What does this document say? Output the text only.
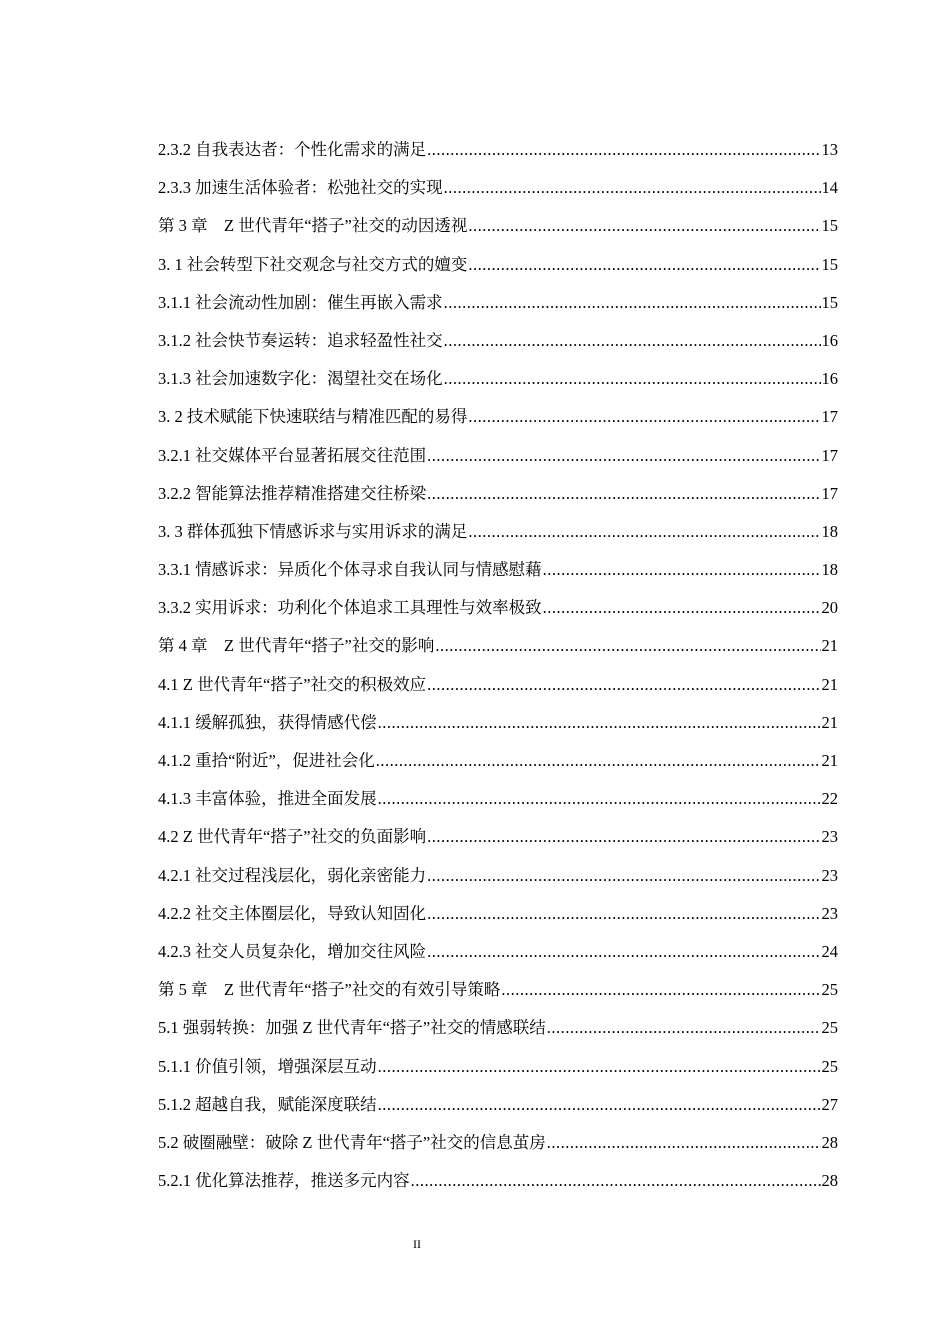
2.3.2 自我表达者：个性化需求的满足 .....	13
2.3.3 加速生活体验者：松弛社交的实现 .....	14
第 3 章　Z 世代青年“搭子”社交的动因透视 .....	15
3. 1 社会转型下社交观念与社交方式的嬗变 .....	15
3.1.1 社会流动性加剧：催生再嵌入需求 .....	15
3.1.2 社会快节奏运转：追求轻盈性社交 .....	16
3.1.3 社会加速数字化：渴望社交在场化 .....	16
3. 2 技术赋能下快速联结与精准匹配的易得 .....	17
3.2.1 社交媒体平台显著拓展交往范围 .....	17
3.2.2 智能算法推荐精准搭建交往桥梁 .....	17
3. 3 群体孤独下情感诉求与实用诉求的满足 .....	18
3.3.1 情感诉求：异质化个体寻求自我认同与情感慰藉 .....	18
3.3.2 实用诉求：功利化个体追求工具理性与效率极致 .....	20
第 4 章　Z 世代青年“搭子”社交的影响 .....	21
4.1 Z 世代青年“搭子”社交的积极效应 .....	21
4.1.1 缓解孤独，获得情感代偿 .....	21
4.1.2 重拾“附近”，促进社会化 .....	21
4.1.3 丰富体验，推进全面发展 .....	22
4.2 Z 世代青年“搭子”社交的负面影响 .....	23
4.2.1 社交过程浅层化，弱化亲密能力 .....	23
4.2.2 社交主体圈层化，导致认知固化 .....	23
4.2.3 社交人员复杂化，增加交往风险 .....	24
第 5 章　Z 世代青年“搭子”社交的有效引导策略 .....	25
5.1 强弱转换：加强 Z 世代青年“搭子”社交的情感联结 .....	25
5.1.1 价值引领，增强深层互动 .....	25
5.1.2 超越自我，赋能深度联结 .....	27
5.2 破圈融壁：破除 Z 世代青年“搭子”社交的信息茧房 .....	28
5.2.1 优化算法推荐，推送多元内容 .....	28
II
